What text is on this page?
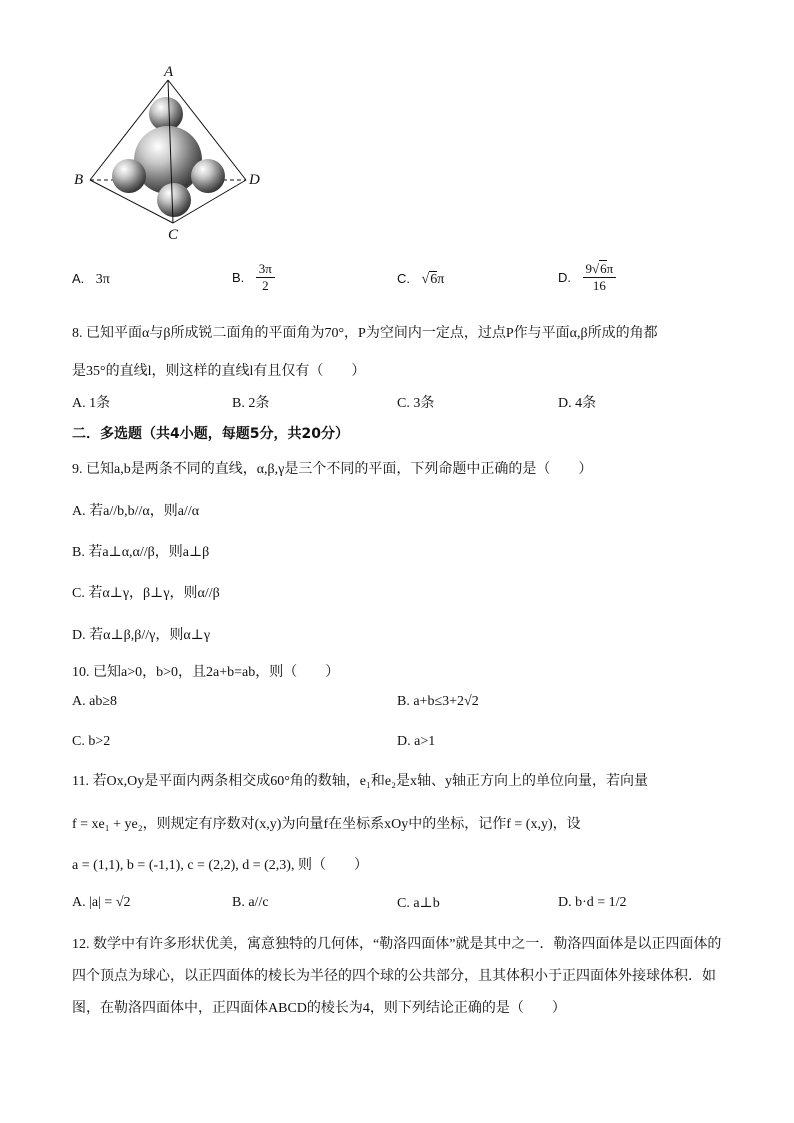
A
B
C
D
A. 3π	B. $\frac{3\pi}{2}$	C. √6π	D. $\frac{9√6\pi}{16}$
8. 已知平面α与β所成锐二面角的平面角为70°，P为空间内一定点，过点P作与平面α,β所成的角都
是35°的直线l，则这样的直线l有且仅有（　　）
A. 1条	B. 2条	C. 3条	D. 4条
二．多选题（共4小题，每题5分，共20分）
9. 已知a,b是两条不同的直线，α,β,γ是三个不同的平面，下列命题中正确的是（　　）
A. 若a//b,b//α，则a//α
B. 若a⊥α,α//β，则a⊥β
C. 若α⊥γ，β⊥γ，则α//β
D. 若α⊥β,β//γ，则α⊥γ
10. 已知a>0，b>0，且2a+b=ab，则（　　）
A. ab≥8	B. a+b≤3+2√2
C. b>2	D. a>1
11. 若Ox,Oy是平面内两条相交成60°角的数轴，e₁和e₂是x轴、y轴正方向上的单位向量，若向量
f = xe₁ + ye₂，则规定有序数对(x,y)为向量f在坐标系xOy中的坐标，记作f = (x,y)，设
a = (1,1), b = (-1,1), c = (2,2), d = (2,3), 则（　　）
A. |a| = √2	B. a//c	C. a⊥b	D. b·d = 1/2
12. 数学中有许多形状优美，寓意独特的几何体，“勒洛四面体”就是其中之一．勒洛四面体是以正四面体的
四个顶点为球心，以正四面体的棱长为半径的四个球的公共部分，且其体积小于正四面体外接球体积．如
图，在勒洛四面体中，正四面体ABCD的棱长为4，则下列结论正确的是（　　）
